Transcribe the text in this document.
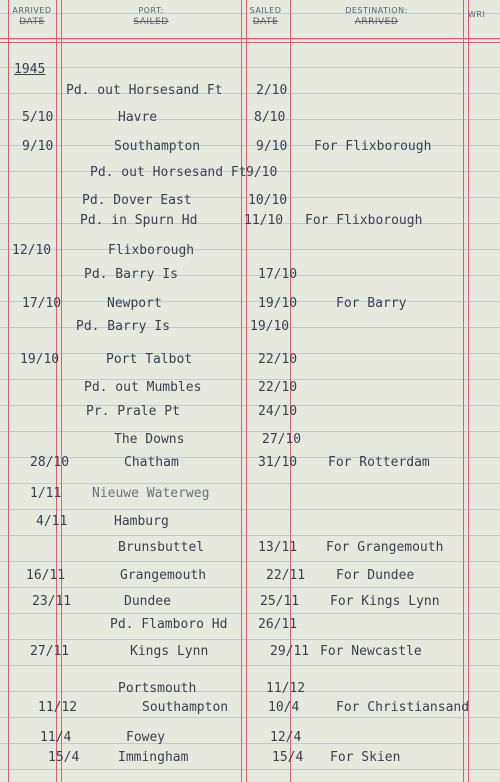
ARRIVED
DATE
PORT:
SAILED
SAILED
DATE
DESTINATION:
ARRIVED
WRI
1945
Pd. out Horsesand Ft	2/10
5/10	Havre	8/10
9/10	Southampton	9/10 For Flixborough
Pd. out Horsesand Ft 9/10
Pd. Dover East	10/10
Pd. in Spurn Hd	11/10 For Flixborough
12/10	Flixborough
Pd. Barry Is	17/10
17/10	Newport	19/10	For Barry
Pd. Barry Is	19/10
19/10	Port Talbot	22/10
Pd. out Mumbles	22/10
Pr. Prale Pt	24/10
The Downs	27/10
28/10	Chatham	31/10 For Rotterdam
1/11 Nieuwe Waterweg
4/11	Hamburg
Brunsbuttel	13/11 For Grangemouth
16/11	Grangemouth	22/11 For Dundee
23/11	Dundee	25/11 For Kings Lynn
Pd. Flamboro Hd 26/11
27/11	Kings Lynn	29/11 For Newcastle
Portsmouth	11/12
11/12	Southampton	10/4	For Christiansand
11/4	Fowey	12/4
15/4	Immingham	15/4 For Skien
